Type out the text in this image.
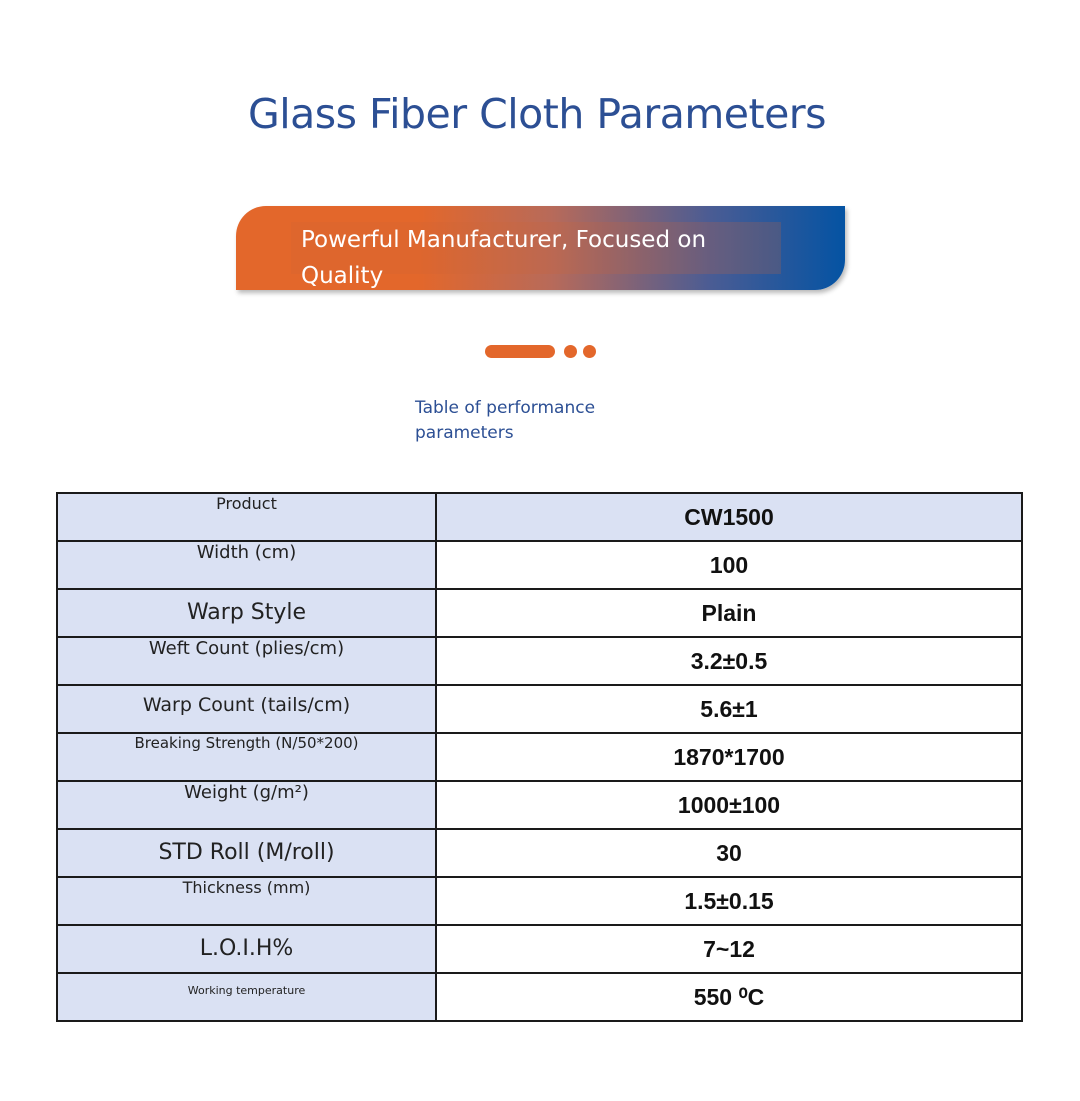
Glass Fiber Cloth Parameters
Powerful Manufacturer, Focused on Quality
Table of performance parameters
Product	CW1500
Width (cm)	100
Warp Style	Plain
Weft Count (plies/cm)	3.2±0.5
Warp Count (tails/cm)	5.6±1
Breaking Strength (N/50*200)	1870*1700
Weight (g/m²)	1000±100
STD Roll (M/roll)	30
Thickness (mm)	1.5±0.15
L.O.I.H%	7~12
Working temperature	550 ⁰C
